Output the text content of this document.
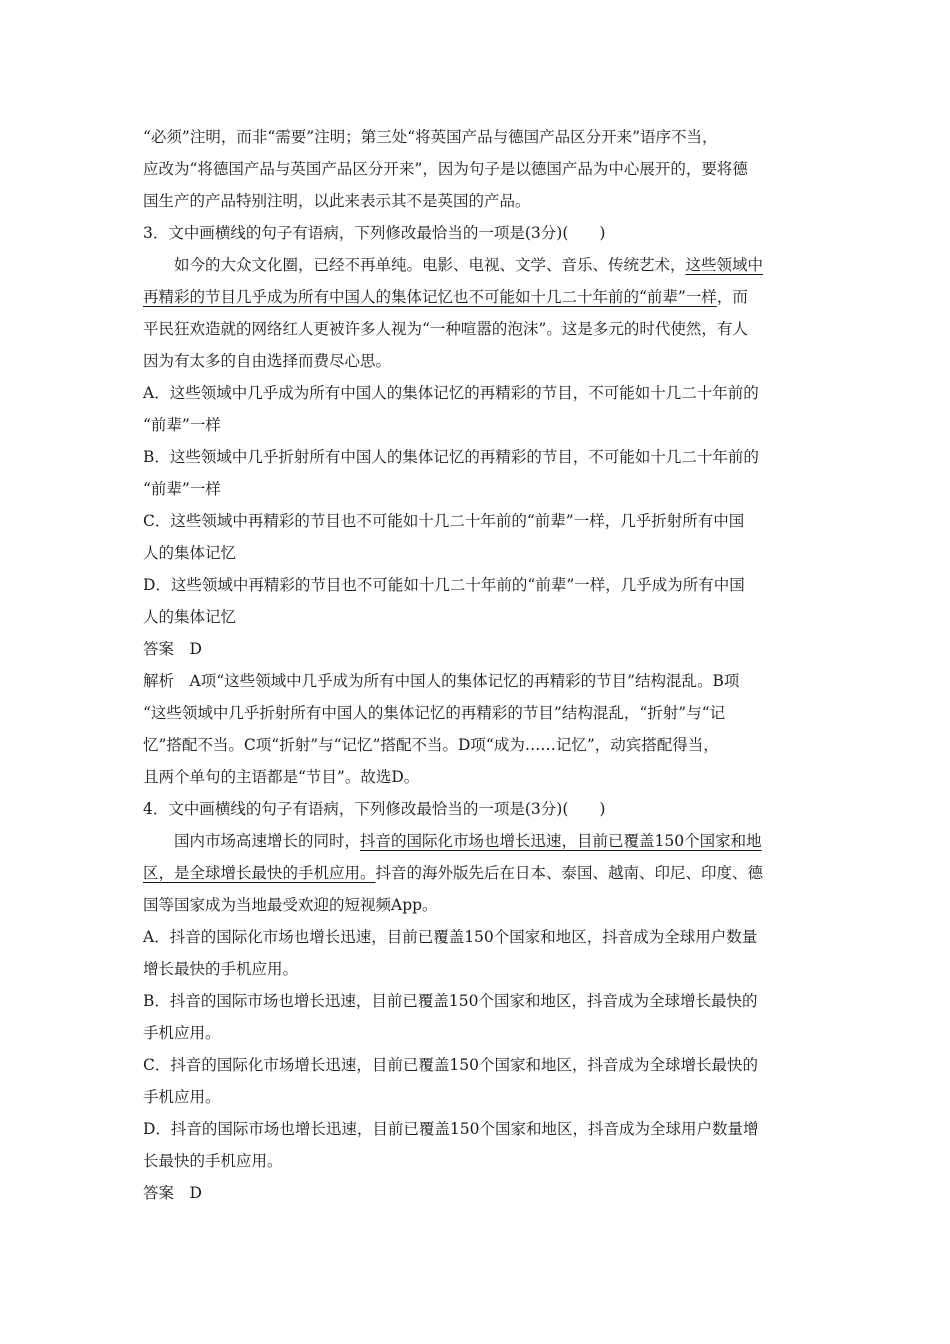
“必须”注明，而非“需要”注明；第三处“将英国产品与德国产品区分开来”语序不当，
应改为“将德国产品与英国产品区分开来”，因为句子是以德国产品为中心展开的，要将德
国生产的产品特别注明，以此来表示其不是英国的产品。
3．文中画横线的句子有语病，下列修改最恰当的一项是(3分)(　　)
如今的大众文化圈，已经不再单纯。电影、电视、文学、音乐、传统艺术，这些领域中
再精彩的节目几乎成为所有中国人的集体记忆也不可能如十几二十年前的“前辈”一样，而
平民狂欢造就的网络红人更被许多人视为“一种喧嚣的泡沫”。这是多元的时代使然，有人
因为有太多的自由选择而费尽心思。
A．这些领域中几乎成为所有中国人的集体记忆的再精彩的节目，不可能如十几二十年前的
“前辈”一样
B．这些领域中几乎折射所有中国人的集体记忆的再精彩的节目，不可能如十几二十年前的
“前辈”一样
C．这些领域中再精彩的节目也不可能如十几二十年前的“前辈”一样，几乎折射所有中国
人的集体记忆
D．这些领域中再精彩的节目也不可能如十几二十年前的“前辈”一样，几乎成为所有中国
人的集体记忆
答案　D
解析　A项“这些领域中几乎成为所有中国人的集体记忆的再精彩的节目”结构混乱。B项
“这些领域中几乎折射所有中国人的集体记忆的再精彩的节目”结构混乱，“折射”与“记
忆”搭配不当。C项“折射”与“记忆”搭配不当。D项“成为……记忆”，动宾搭配得当，
且两个单句的主语都是“节目”。故选D。
4．文中画横线的句子有语病，下列修改最恰当的一项是(3分)(　　)
国内市场高速增长的同时，抖音的国际化市场也增长迅速，目前已覆盖150个国家和地
区，是全球增长最快的手机应用。抖音的海外版先后在日本、泰国、越南、印尼、印度、德
国等国家成为当地最受欢迎的短视频App。
A．抖音的国际化市场也增长迅速，目前已覆盖150个国家和地区，抖音成为全球用户数量
增长最快的手机应用。
B．抖音的国际市场也增长迅速，目前已覆盖150个国家和地区，抖音成为全球增长最快的
手机应用。
C．抖音的国际化市场增长迅速，目前已覆盖150个国家和地区，抖音成为全球增长最快的
手机应用。
D．抖音的国际市场也增长迅速，目前已覆盖150个国家和地区，抖音成为全球用户数量增
长最快的手机应用。
答案　D
